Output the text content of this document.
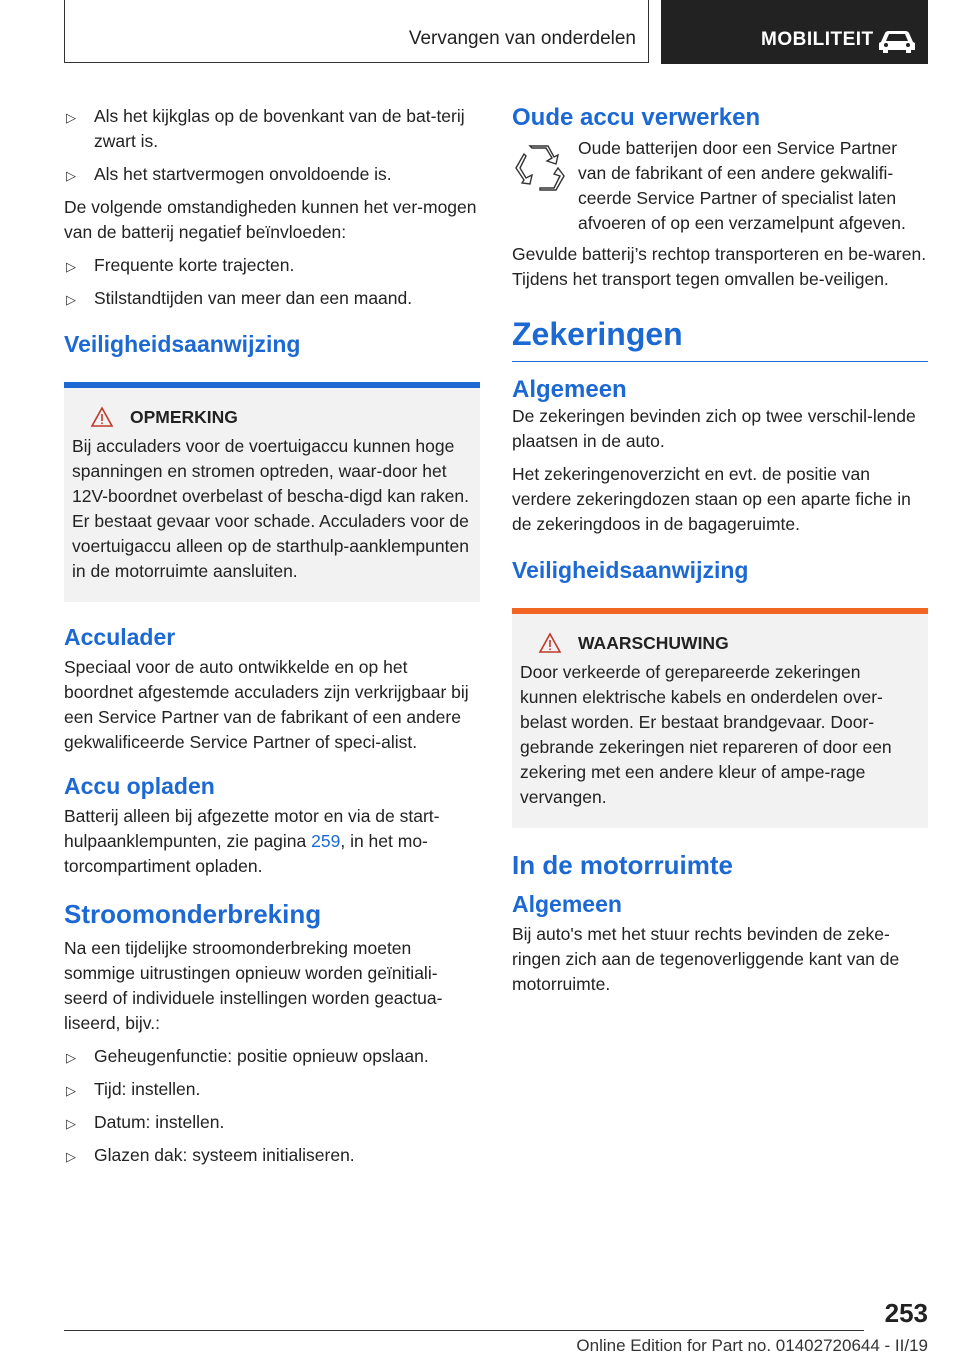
Vervangen van onderdelen	MOBILITEIT
▷ Als het kijkglas op de bovenkant van de bat-terij zwart is.
▷ Als het startvermogen onvoldoende is.

De volgende omstandigheden kunnen het ver-mogen van de batterij negatief beïnvloeden:

▷ Frequente korte trajecten.
▷ Stilstandtijden van meer dan een maand.
Veiligheidsaanwijzing
OPMERKING

Bij acculaders voor de voertuigaccu kunnen hoge spanningen en stromen optreden, waar-door het 12V-boordnet overbelast of bescha-digd kan raken. Er bestaat gevaar voor schade. Acculaders voor de voertuigaccu alleen op de starthulp-aanklempunten in de motorruimte aansluiten.

Acculader

Speciaal voor de auto ontwikkelde en op het boordnet afgestemde acculaders zijn verkrijgbaar bij een Service Partner van de fabrikant of een andere gekwalificeerde Service Partner of speci-alist.

Accu opladen

Batterij alleen bij afgezette motor en via de start-hulpaanklempunten, zie pagina 259, in het mo-torcompartiment opladen.

Stroomonderbreking

Na een tijdelijke stroomonderbreking moeten sommige uitrustingen opnieuw worden geïnitiali-seerd of individuele instellingen worden geactua-liseerd, bijv.:

▷ Geheugenfunctie: positie opnieuw opslaan.
▷ Tijd: instellen.
▷ Datum: instellen.
▷ Glazen dak: systeem initialiseren.
Oude accu verwerken

Oude batterijen door een Service Partner van de fabrikant of een andere gekwalifi-ceerde Service Partner of specialist laten afvoeren of op een verzamelpunt afgeven.

Gevulde batterij’s rechtop transporteren en be-waren. Tijdens het transport tegen omvallen be-veiligen.

Zekeringen
Algemeen

De zekeringen bevinden zich op twee verschil-lende plaatsen in de auto.

Het zekeringenoverzicht en evt. de positie van verdere zekeringdozen staan op een aparte fiche in de zekeringdoos in de bagageruimte.

Veiligheidsaanwijzing
WAARSCHUWING

Door verkeerde of gerepareerde zekeringen kunnen elektrische kabels en onderdelen over-belast worden. Er bestaat brandgevaar. Door-gebrande zekeringen niet repareren of door een zekering met een andere kleur of ampe-rage vervangen.

In de motorruimte
Algemeen

Bij auto's met het stuur rechts bevinden de zeke-ringen zich aan de tegenoverliggende kant van de motorruimte.

253
Online Edition for Part no. 01402720644 - II/19
